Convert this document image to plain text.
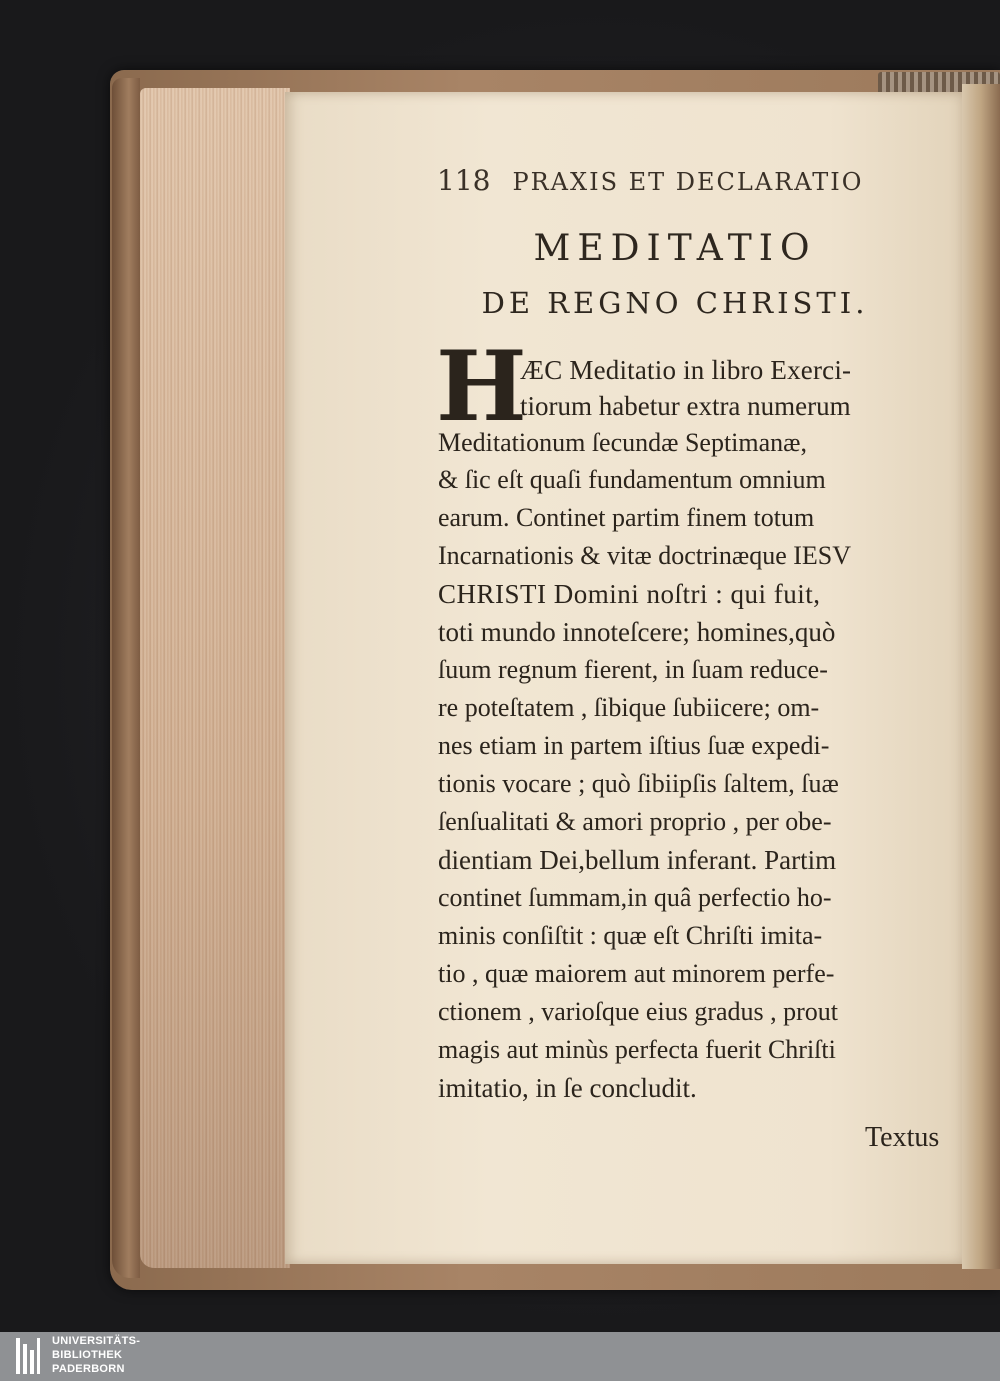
118 PRAXIS ET DECLARATIO
MEDITATIO
DE REGNO CHRISTI.
H
ÆC Meditatio in libro Exerci-
tiorum habetur extra numerum
Meditationum ſecundæ Septimanæ,
& ſic eſt quaſi fundamentum omnium
earum. Continet partim finem totum
Incarnationis & vitæ doctrinæque IESV
CHRISTI Domini noſtri : qui fuit,
toti mundo innoteſcere; homines,quò
ſuum regnum fierent, in ſuam reduce-
re poteſtatem , ſibique ſubiicere; om-
nes etiam in partem iſtius ſuæ expedi-
tionis vocare ; quò ſibiipſis ſaltem, ſuæ
ſenſualitati & amori proprio , per obe-
dientiam Dei,bellum inferant. Partim
continet ſummam,in quâ perfectio ho-
minis conſiſtit : quæ eſt Chriſti imita-
tio , quæ maiorem aut minorem perfe-
ctionem , varioſque eius gradus , prout
magis aut minùs perfecta fuerit Chriſti
imitatio, in ſe concludit.
Textus
UNIVERSITÄTS-
BIBLIOTHEK
PADERBORN
